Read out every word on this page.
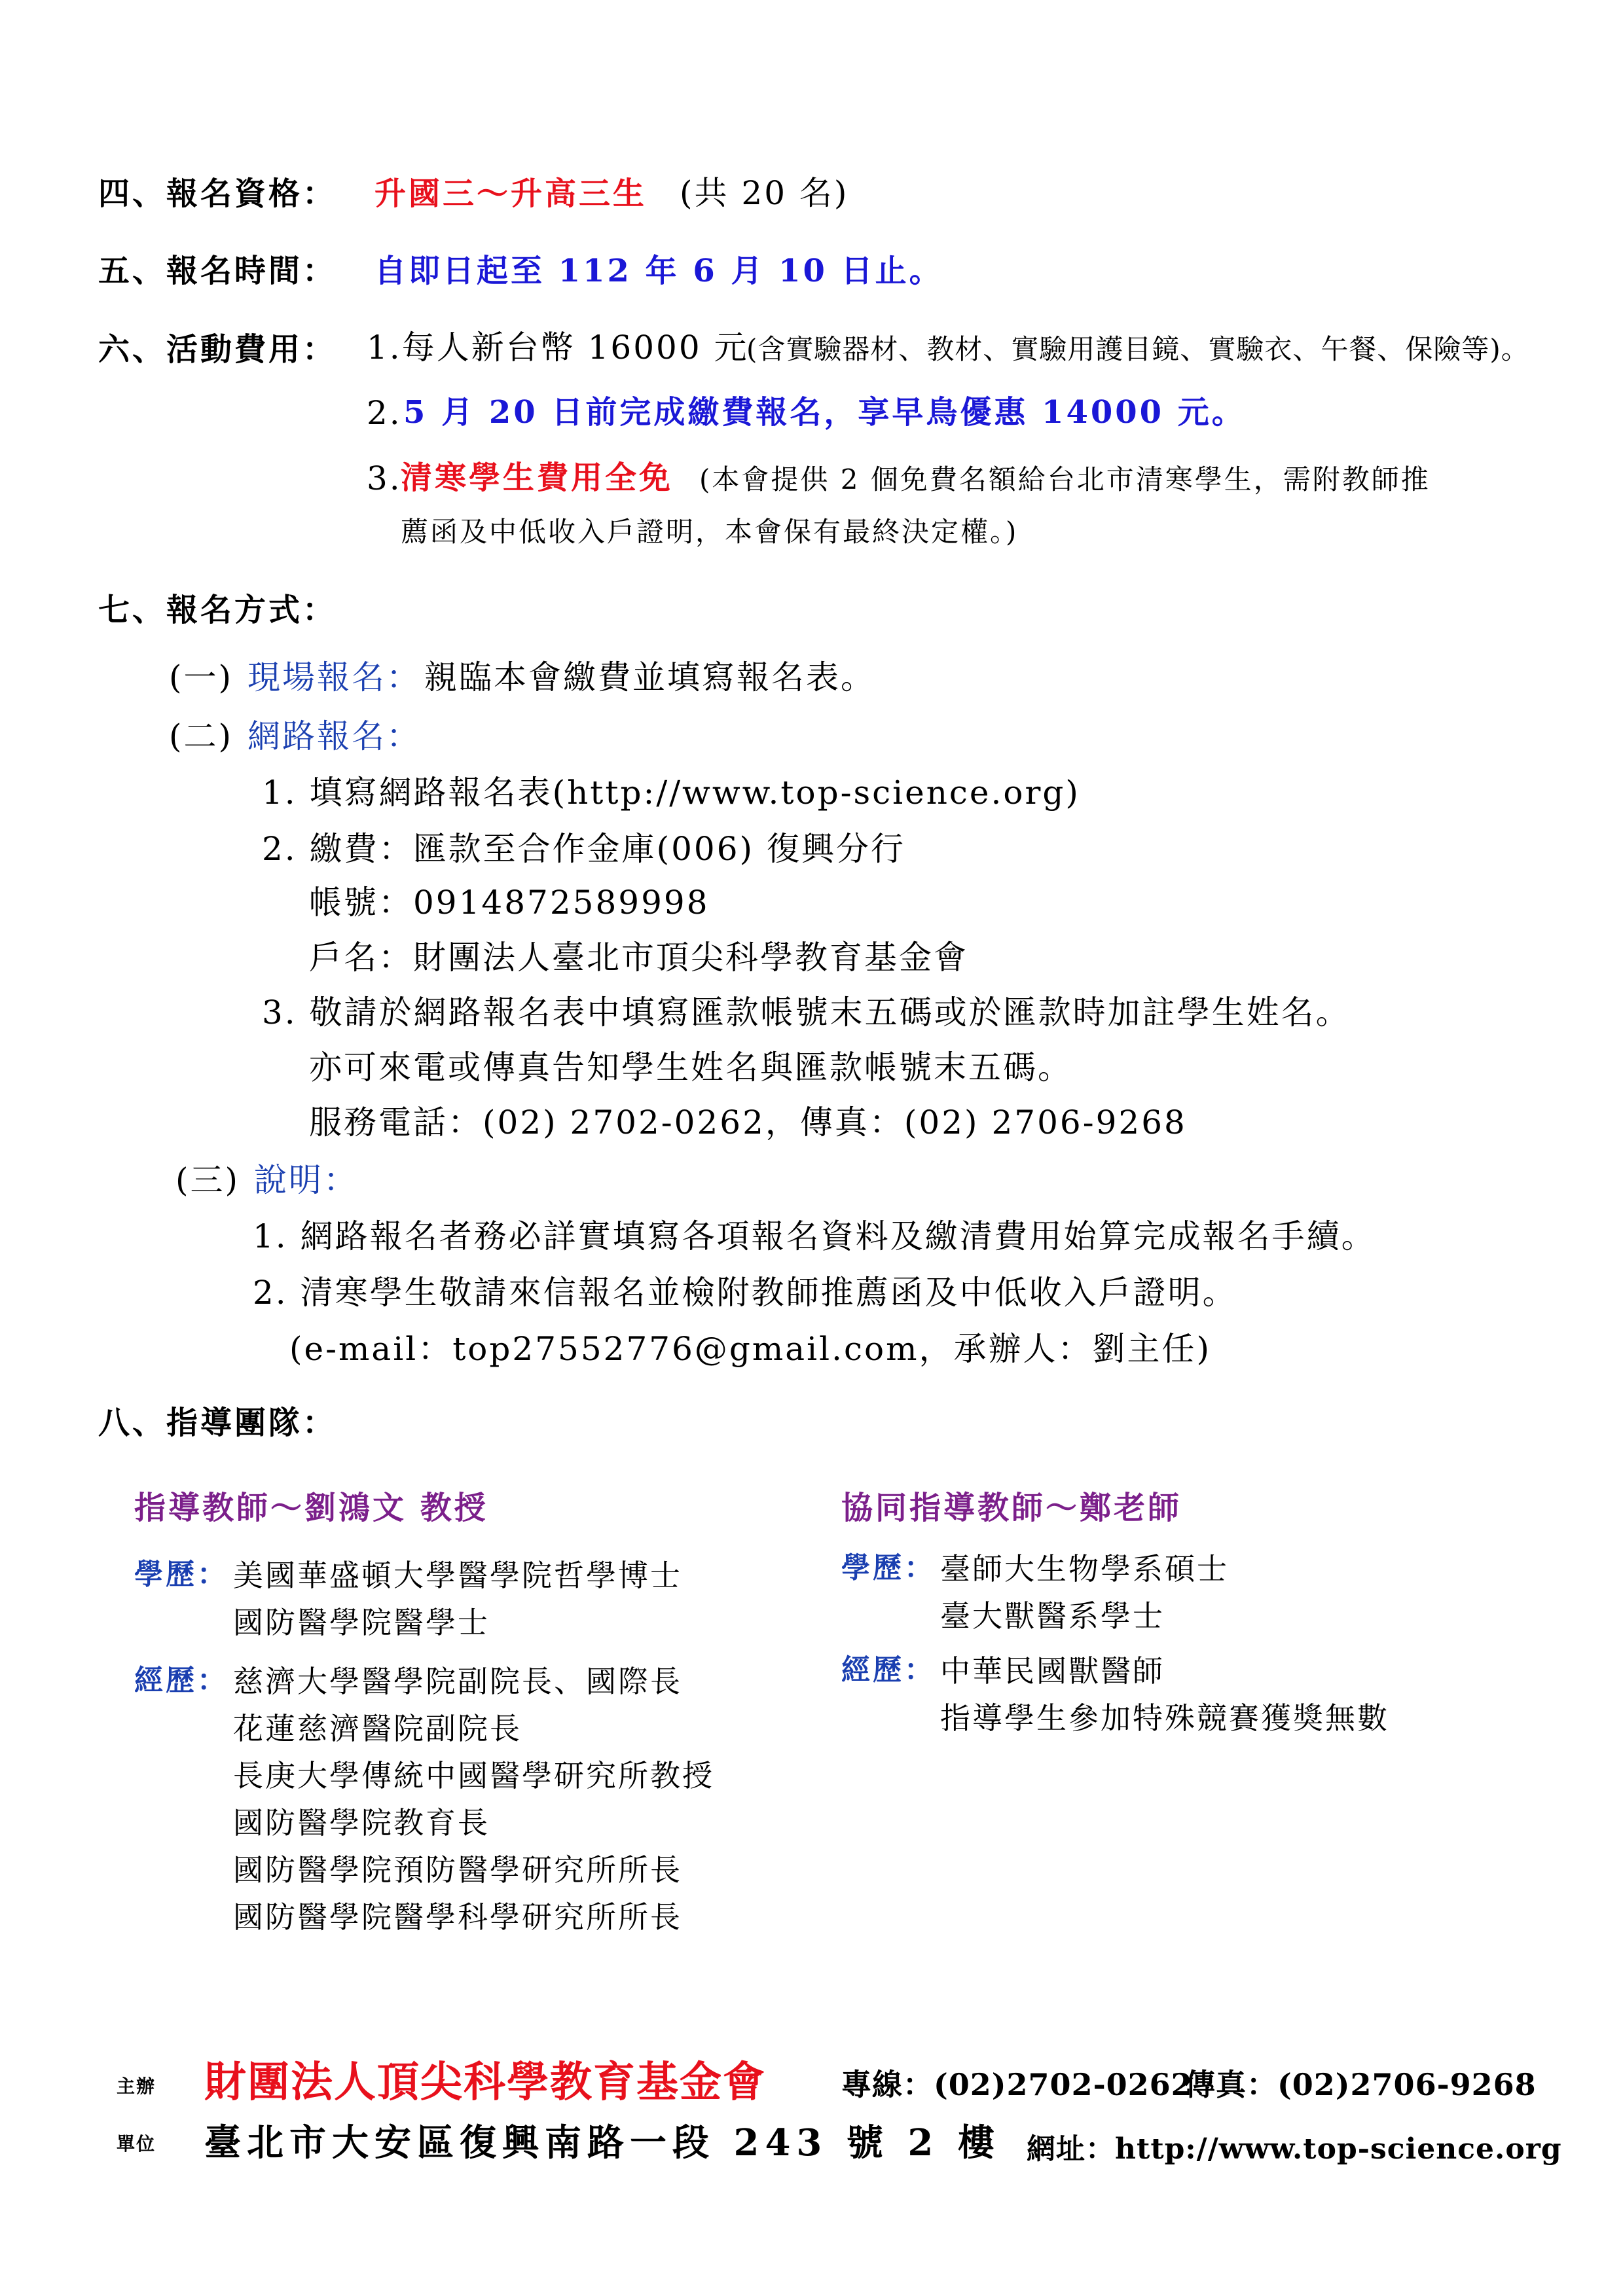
四、報名資格： 升國三～升高三生 (共 20 名)
五、報名時間： 自即日起至 112 年 6 月 10 日止。
六、活動費用： 1.每人新台幣 16000 元
(含實驗器材、教材、實驗用護目鏡、實驗衣、午餐、保險等)。
2. 5 月 20 日前完成繳費報名，享早鳥優惠 14000 元。
3.
清寒學生費用全免 (本會提供 2 個免費名額給台北市清寒學生，需附教師推
薦函及中低收入戶證明，本會保有最終決定權。)
七、報名方式：
(一) 現場報名： 親臨本會繳費並填寫報名表。
(二) 網路報名：
1. 填寫網路報名表(http://www.top-science.org)
2. 繳費：匯款至合作金庫(006) 復興分行
帳號：0914872589998
戶名：財團法人臺北市頂尖科學教育基金會
3. 敬請於網路報名表中填寫匯款帳號末五碼或於匯款時加註學生姓名。
亦可來電或傳真告知學生姓名與匯款帳號末五碼。
服務電話：(02) 2702-0262，傳真：(02) 2706-9268
(三) 說明：
1. 網路報名者務必詳實填寫各項報名資料及繳清費用始算完成報名手續。
2. 清寒學生敬請來信報名並檢附教師推薦函及中低收入戶證明。
(e-mail：top27552776@gmail.com，承辦人：劉主任)
八、指導團隊：
指導教師～劉鴻文 教授
學歷： 美國華盛頓大學醫學院哲學博士
國防醫學院醫學士
經歷： 慈濟大學醫學院副院長、國際長
花蓮慈濟醫院副院長
長庚大學傳統中國醫學研究所教授
國防醫學院教育長
國防醫學院預防醫學研究所所長
國防醫學院醫學科學研究所所長
協同指導教師～鄭老師
學歷： 臺師大生物學系碩士
臺大獸醫系學士
經歷： 中華民國獸醫師
指導學生參加特殊競賽獲獎無數
主辦
單位
財團法人頂尖科學教育基金會	專線：(02)2702-0262
傳真：(02)2706-9268
臺北市大安區復興南路一段 243 號 2 樓 網址：http://www.top-science.org
